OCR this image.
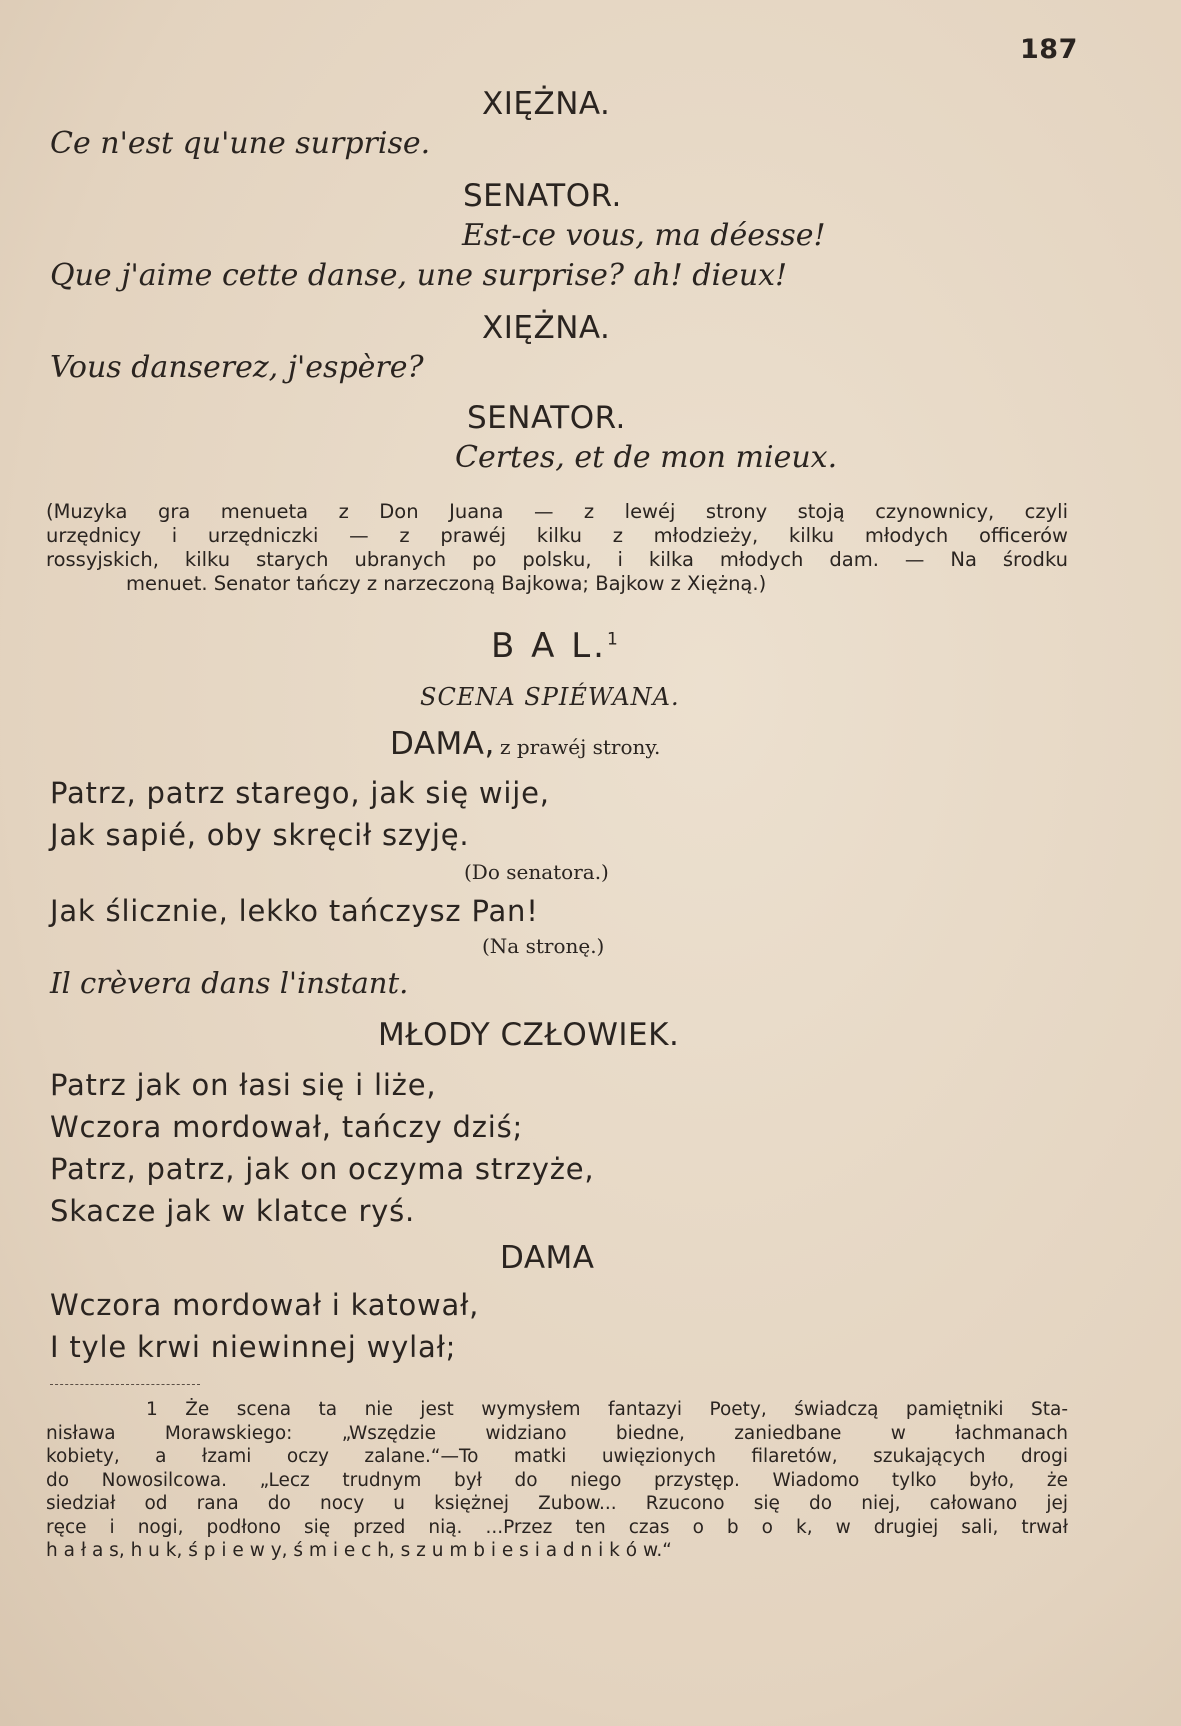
187
XIĘŻNA.
Ce n'est qu'une surprise.
SENATOR.
Est-ce vous, ma déesse!
Que j'aime cette danse, une surprise? ah! dieux!
XIĘŻNA.
Vous danserez, j'espère?
SENATOR.
Certes, et de mon mieux.

(Muzyka gra menueta z Don Juana — z lewéj strony stoją czynownicy, czyli

urzędnicy i urzędniczki — z prawéj kilku z młodzieży, kilku młodych officerów

rossyjskich, kilku starych ubranych po polsku, i kilka młodych dam. — Na środku

menuet. Senator tańczy z narzeczoną Bajkowa; Bajkow z Xiężną.)

B A L.$^1$
SCENA SPIÉWANA.
DAMA, z prawéj strony.
Patrz, patrz starego, jak się wije,
Jak sapié, oby skręcił szyję.
(Do senatora.)
Jak ślicznie, lekko tańczysz Pan!
(Na stronę.)
Il crèvera dans l'instant.
MŁODY CZŁOWIEK.
Patrz jak on łasi się i liże,
Wczora mordował, tańczy dziś;
Patrz, patrz, jak on oczyma strzyże,
Skacze jak w klatce ryś.
DAMA
Wczora mordował i katował,
I tyle krwi niewinnej wylał;

1 Że scena ta nie jest wymysłem fantazyi Poety, świadczą pamiętniki Sta-

nisława Morawskiego: „Wszędzie widziano biedne, zaniedbane w łachmanach

kobiety, a łzami oczy zalane.“—To matki uwięzionych filaretów, szukających drogi

do Nowosilcowa. „Lecz trudnym był do niego przystęp. Wiadomo tylko było, że

siedział od rana do nocy u księżnej Zubow... Rzucono się do niej, całowano jej

ręce i nogi, podłono się przed nią. ...Przez ten czas o b o k, w drugiej sali, trwał

h a ł a s, h u k, ś p i e w y, ś m i e c h, s z u m b i e s i a d n i k ó w.“
